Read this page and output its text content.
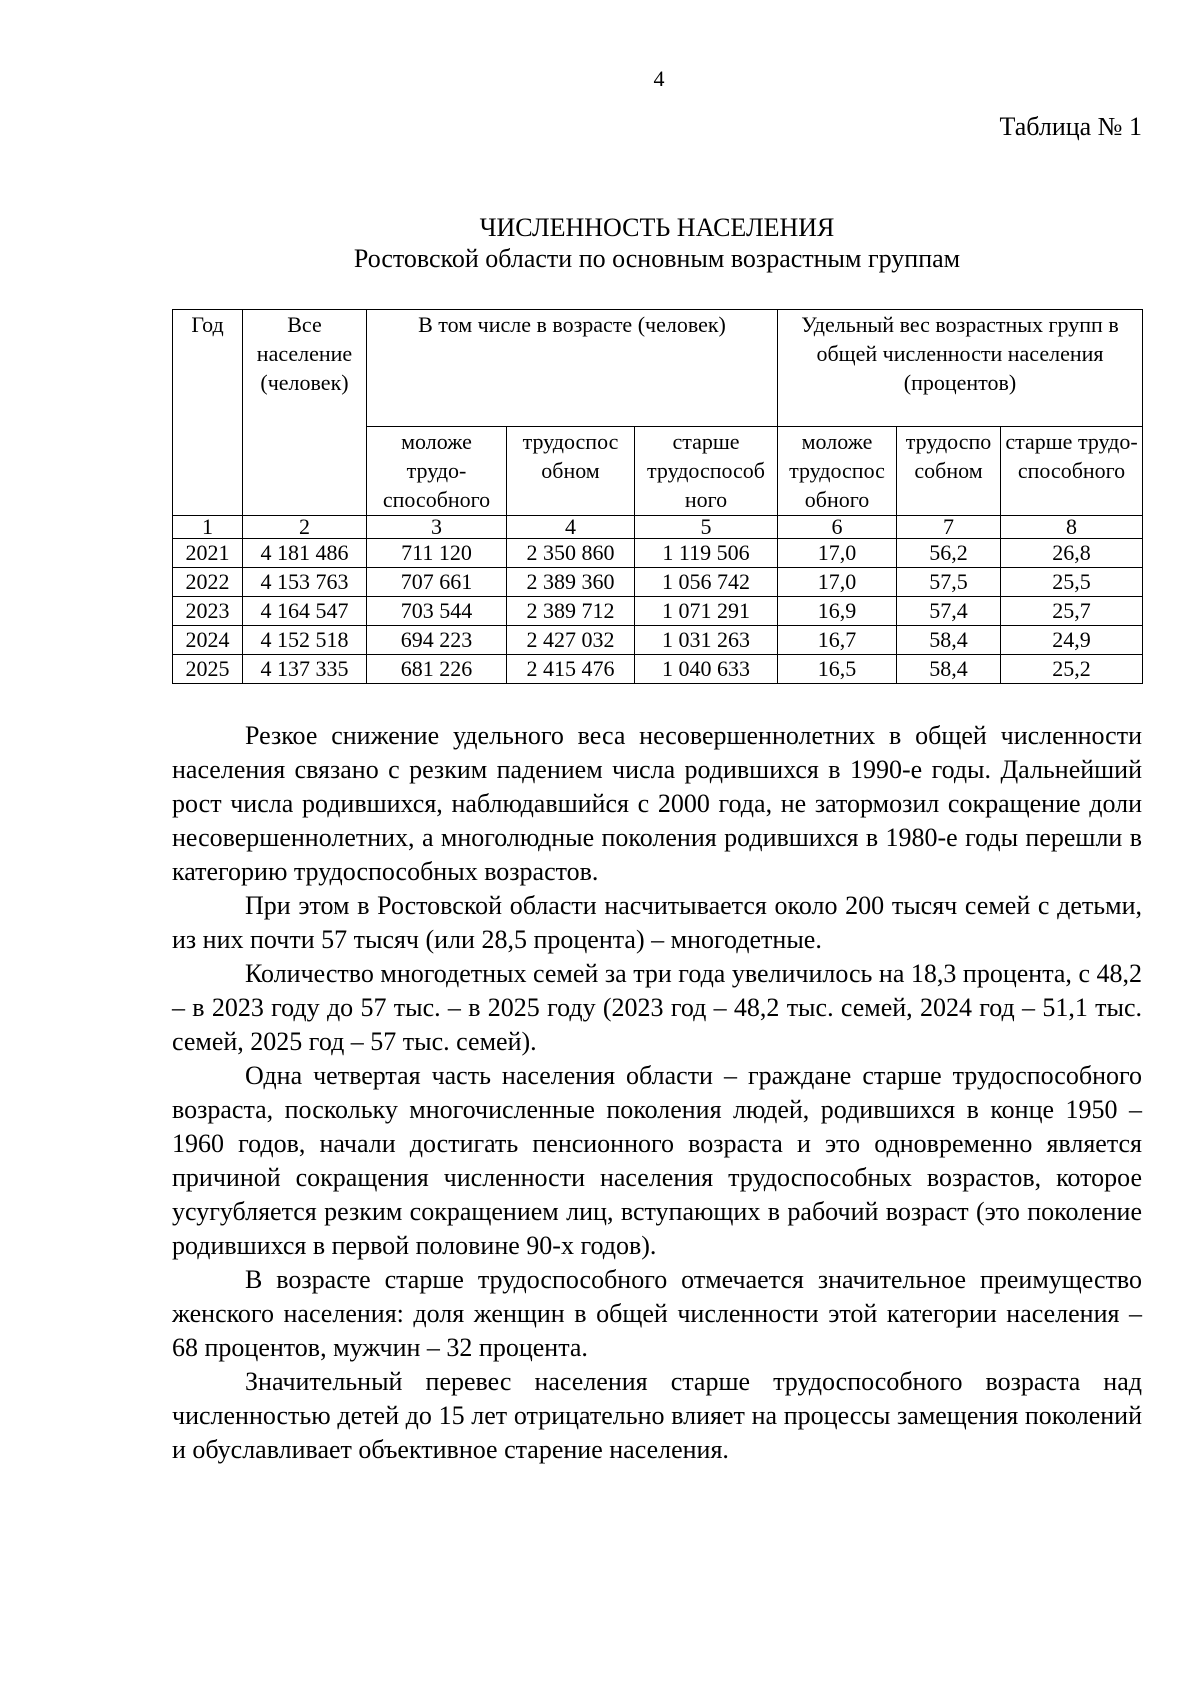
4
Таблица № 1
ЧИСЛЕННОСТЬ НАСЕЛЕНИЯ
Ростовской области по основным возрастным группам
Год	Все население (человек)	В том числе в возрасте (человек)			Удельный вес возрастных групп в общей численности населения (процентов)		
		моложе трудо-способного	трудоспос обном	старше трудоспособ ного	моложе трудоспос обного	трудоспо собном	старше трудо-способного
1	2	3	4	5	6	7	8
2021	4 181 486	711 120	2 350 860	1 119 506	17,0	56,2	26,8
2022	4 153 763	707 661	2 389 360	1 056 742	17,0	57,5	25,5
2023	4 164 547	703 544	2 389 712	1 071 291	16,9	57,4	25,7
2024	4 152 518	694 223	2 427 032	1 031 263	16,7	58,4	24,9
2025	4 137 335	681 226	2 415 476	1 040 633	16,5	58,4	25,2

Резкое снижение удельного веса несовершеннолетних в общей численности населения связано с резким падением числа родившихся в 1990-е годы. Дальнейший рост числа родившихся, наблюдавшийся с 2000 года, не затормозил сокращение доли несовершеннолетних, а многолюдные поколения родившихся в 1980-е годы перешли в категорию трудоспособных возрастов.

При этом в Ростовской области насчитывается около 200 тысяч семей с детьми, из них почти 57 тысяч (или 28,5 процента) – многодетные.

Количество многодетных семей за три года увеличилось на 18,3 процента, с 48,2 – в 2023 году до 57 тыс. – в 2025 году (2023 год – 48,2 тыс. семей, 2024 год – 51,1 тыс. семей, 2025 год – 57 тыс. семей).

Одна четвертая часть населения области – граждане старше трудоспособного возраста, поскольку многочисленные поколения людей, родившихся в конце 1950 – 1960 годов, начали достигать пенсионного возраста и это одновременно является причиной сокращения численности населения трудоспособных возрастов, которое усугубляется резким сокращением лиц, вступающих в рабочий возраст (это поколение родившихся в первой половине 90-х годов).

В возрасте старше трудоспособного отмечается значительное преимущество женского населения: доля женщин в общей численности этой категории населения – 68 процентов, мужчин – 32 процента.

Значительный перевес населения старше трудоспособного возраста над численностью детей до 15 лет отрицательно влияет на процессы замещения поколений и обуславливает объективное старение населения.
